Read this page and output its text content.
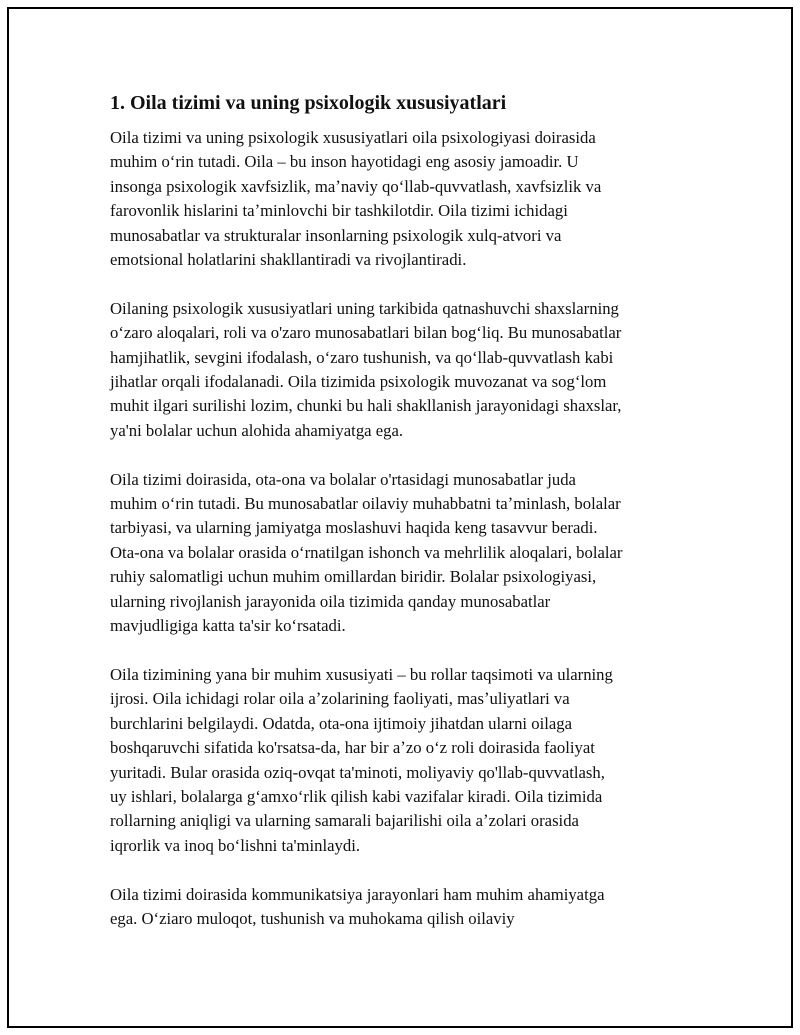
1. Oila tizimi va uning psixologik xususiyatlari
Oila tizimi va uning psixologik xususiyatlari oila psixologiyasi doirasida
muhim oʻrin tutadi. Oila – bu inson hayotidagi eng asosiy jamoadir. U
insonga psixologik xavfsizlik, maʼnaviy qoʻllab-quvvatlash, xavfsizlik va
farovonlik hislarini taʼminlovchi bir tashkilotdir. Oila tizimi ichidagi
munosabatlar va strukturalar insonlarning psixologik xulq-atvori va
emotsional holatlarini shakllantiradi va rivojlantiradi.
Oilaning psixologik xususiyatlari uning tarkibida qatnashuvchi shaxslarning
oʻzaro aloqalari, roli va o'zaro munosabatlari bilan bogʻliq. Bu munosabatlar
hamjihatlik, sevgini ifodalash, oʻzaro tushunish, va qoʻllab-quvvatlash kabi
jihatlar orqali ifodalanadi. Oila tizimida psixologik muvozanat va sogʻlom
muhit ilgari surilishi lozim, chunki bu hali shakllanish jarayonidagi shaxslar,
ya'ni bolalar uchun alohida ahamiyatga ega.
Oila tizimi doirasida, ota-ona va bolalar o'rtasidagi munosabatlar juda
muhim oʻrin tutadi. Bu munosabatlar oilaviy muhabbatni taʼminlash, bolalar
tarbiyasi, va ularning jamiyatga moslashuvi haqida keng tasavvur beradi.
Ota-ona va bolalar orasida oʻrnatilgan ishonch va mehrlilik aloqalari, bolalar
ruhiy salomatligi uchun muhim omillardan biridir. Bolalar psixologiyasi,
ularning rivojlanish jarayonida oila tizimida qanday munosabatlar
mavjudligiga katta ta'sir koʻrsatadi.
Oila tizimining yana bir muhim xususiyati – bu rollar taqsimoti va ularning
ijrosi. Oila ichidagi rolar oila aʼzolarining faoliyati, masʼuliyatlari va
burchlarini belgilaydi. Odatda, ota-ona ijtimoiy jihatdan ularni oilaga
boshqaruvchi sifatida ko'rsatsa-da, har bir aʼzo oʻz roli doirasida faoliyat
yuritadi. Bular orasida oziq-ovqat ta'minoti, moliyaviy qo'llab-quvvatlash,
uy ishlari, bolalarga gʻamxoʻrlik qilish kabi vazifalar kiradi. Oila tizimida
rollarning aniqligi va ularning samarali bajarilishi oila aʼzolari orasida
iqrorlik va inoq boʻlishni ta'minlaydi.
Oila tizimi doirasida kommunikatsiya jarayonlari ham muhim ahamiyatga
ega. Oʻziaro muloqot, tushunish va muhokama qilish oilaviy
